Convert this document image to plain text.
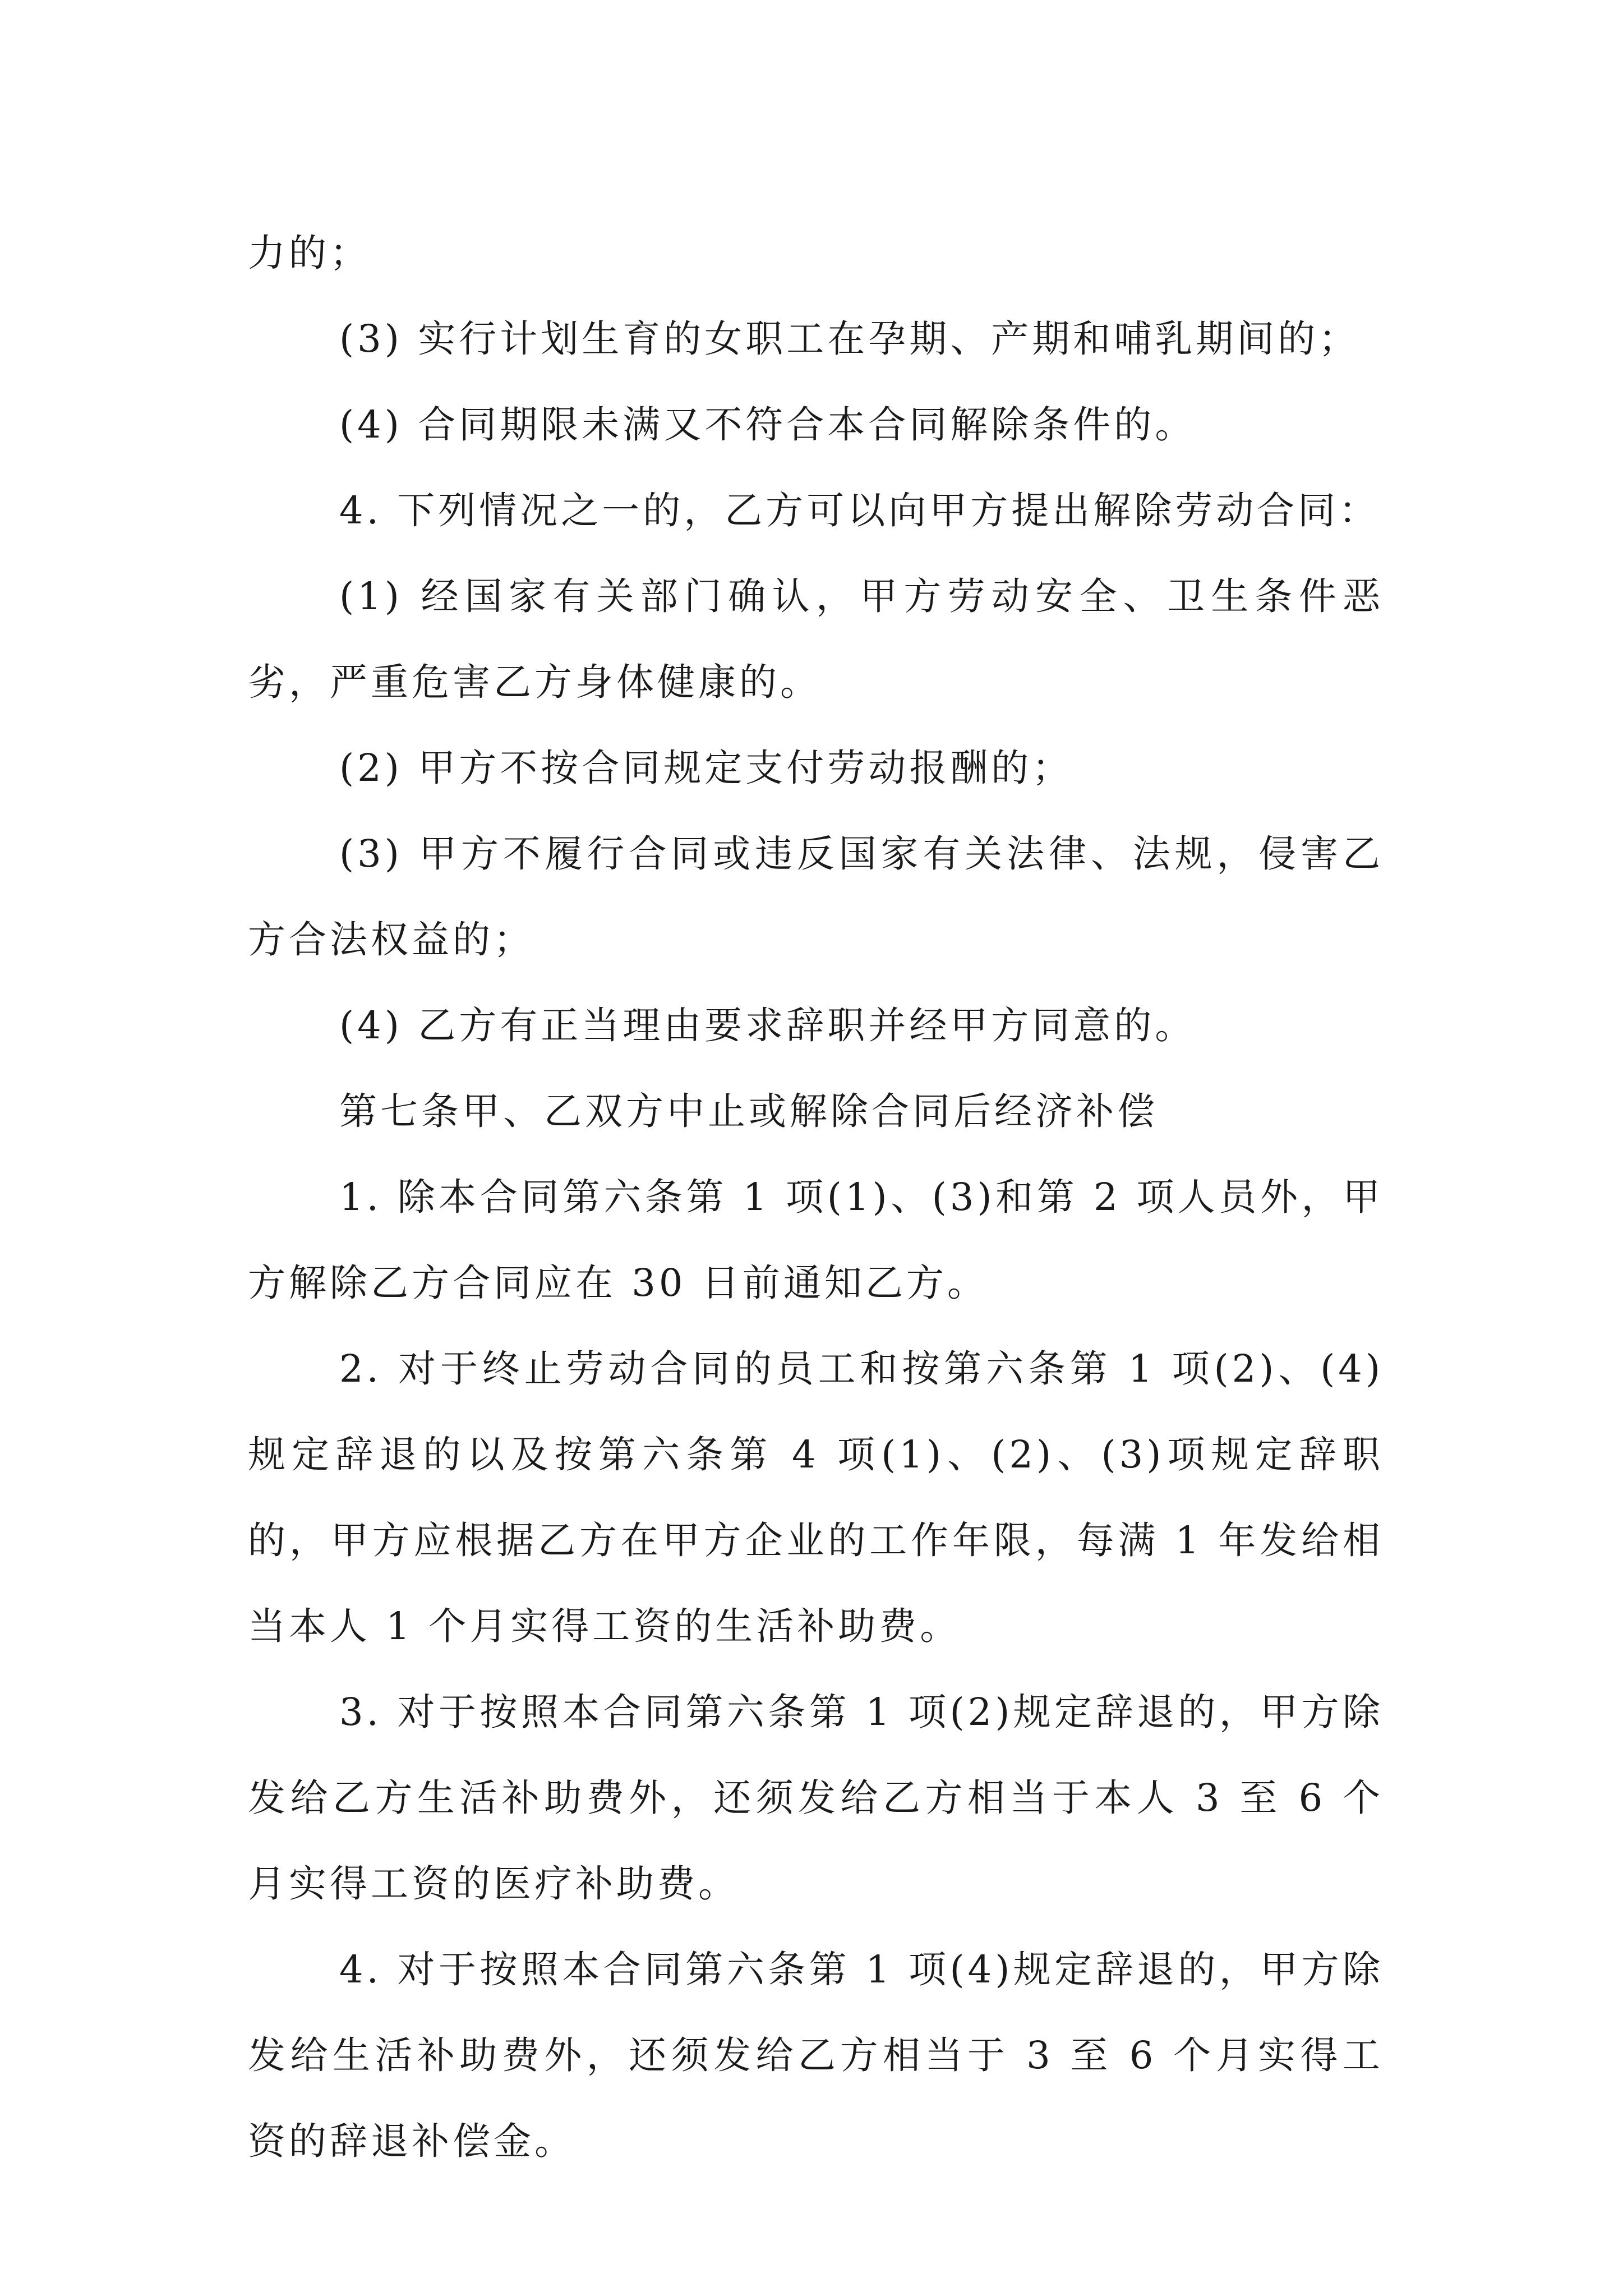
力的；

(3) 实行计划生育的女职工在孕期、产期和哺乳期间的；

(4) 合同期限未满又不符合本合同解除条件的。

4. 下列情况之一的，乙方可以向甲方提出解除劳动合同：

(1) 经国家有关部门确认，甲方劳动安全、卫生条件恶劣，严重危害乙方身体健康的。

(2) 甲方不按合同规定支付劳动报酬的；

(3) 甲方不履行合同或违反国家有关法律、法规，侵害乙方合法权益的；

(4) 乙方有正当理由要求辞职并经甲方同意的。

第七条甲、乙双方中止或解除合同后经济补偿

1. 除本合同第六条第 1 项(1)、(3)和第 2 项人员外，甲方解除乙方合同应在 30 日前通知乙方。

2. 对于终止劳动合同的员工和按第六条第 1 项(2)、(4)规定辞退的以及按第六条第 4 项(1)、(2)、(3)项规定辞职的，甲方应根据乙方在甲方企业的工作年限，每满 1 年发给相当本人 1 个月实得工资的生活补助费。

3. 对于按照本合同第六条第 1 项(2)规定辞退的，甲方除发给乙方生活补助费外，还须发给乙方相当于本人 3 至 6 个月实得工资的医疗补助费。

4. 对于按照本合同第六条第 1 项(4)规定辞退的，甲方除发给生活补助费外，还须发给乙方相当于 3 至 6 个月实得工资的辞退补偿金。
